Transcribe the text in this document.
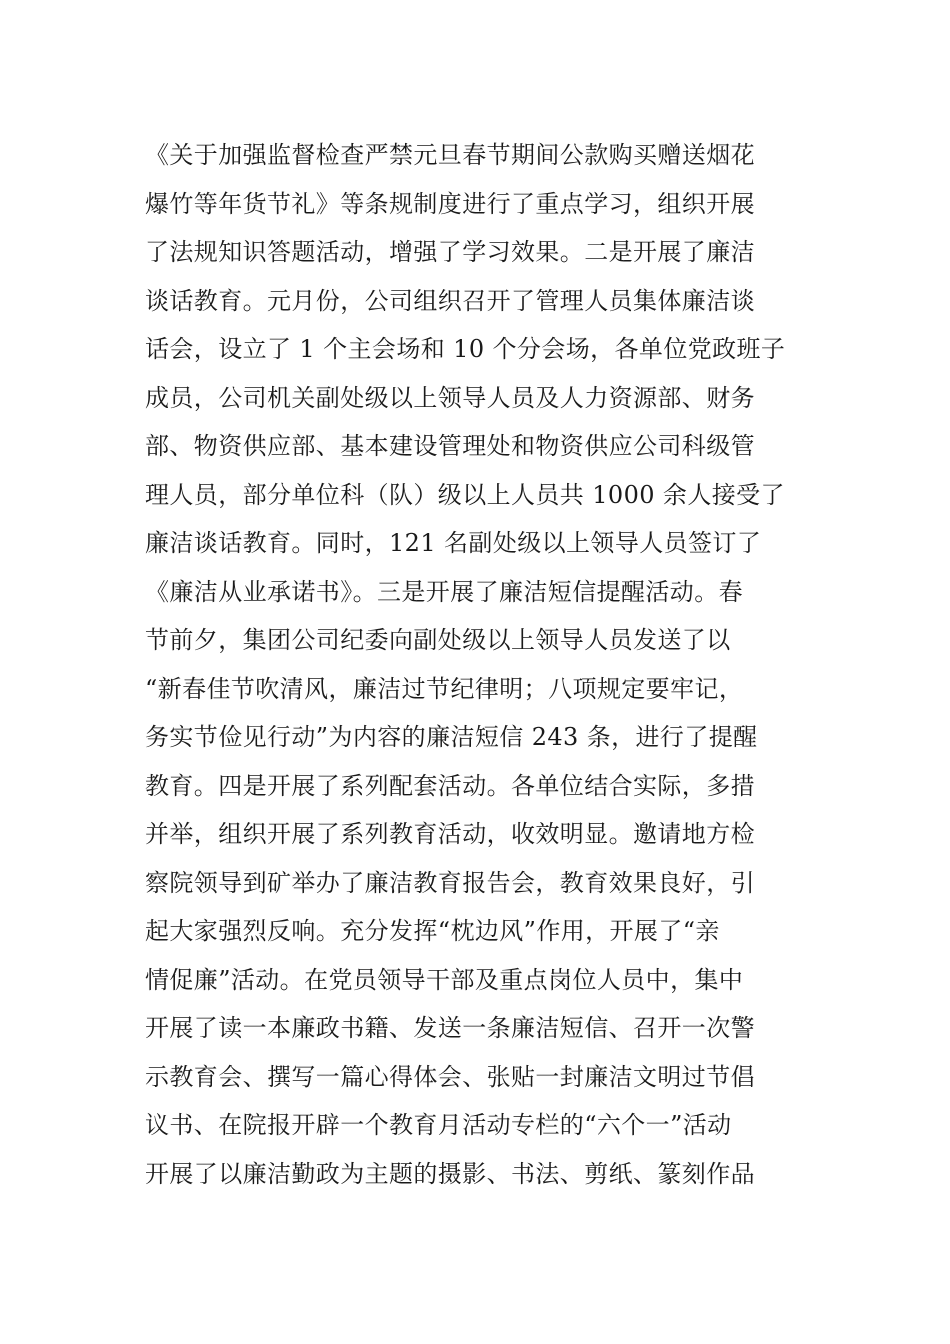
《关于加强监督检查严禁元旦春节期间公款购买赠送烟花
爆竹等年货节礼》等条规制度进行了重点学习，组织开展
了法规知识答题活动，增强了学习效果。二是开展了廉洁
谈话教育。元月份，公司组织召开了管理人员集体廉洁谈
话会，设立了 1 个主会场和 10 个分会场，各单位党政班子
成员，公司机关副处级以上领导人员及人力资源部、财务
部、物资供应部、基本建设管理处和物资供应公司科级管
理人员，部分单位科（队）级以上人员共 1000 余人接受了
廉洁谈话教育。同时，121 名副处级以上领导人员签订了
《廉洁从业承诺书》。三是开展了廉洁短信提醒活动。春
节前夕，集团公司纪委向副处级以上领导人员发送了以
“新春佳节吹清风，廉洁过节纪律明；八项规定要牢记，
务实节俭见行动”为内容的廉洁短信 243 条，进行了提醒
教育。四是开展了系列配套活动。各单位结合实际，多措
并举，组织开展了系列教育活动，收效明显。邀请地方检
察院领导到矿举办了廉洁教育报告会，教育效果良好，引
起大家强烈反响。充分发挥“枕边风”作用，开展了“亲
情促廉”活动。在党员领导干部及重点岗位人员中，集中
开展了读一本廉政书籍、发送一条廉洁短信、召开一次警
示教育会、撰写一篇心得体会、张贴一封廉洁文明过节倡
议书、在院报开辟一个教育月活动专栏的“六个一”活动
开展了以廉洁勤政为主题的摄影、书法、剪纸、篆刻作品
